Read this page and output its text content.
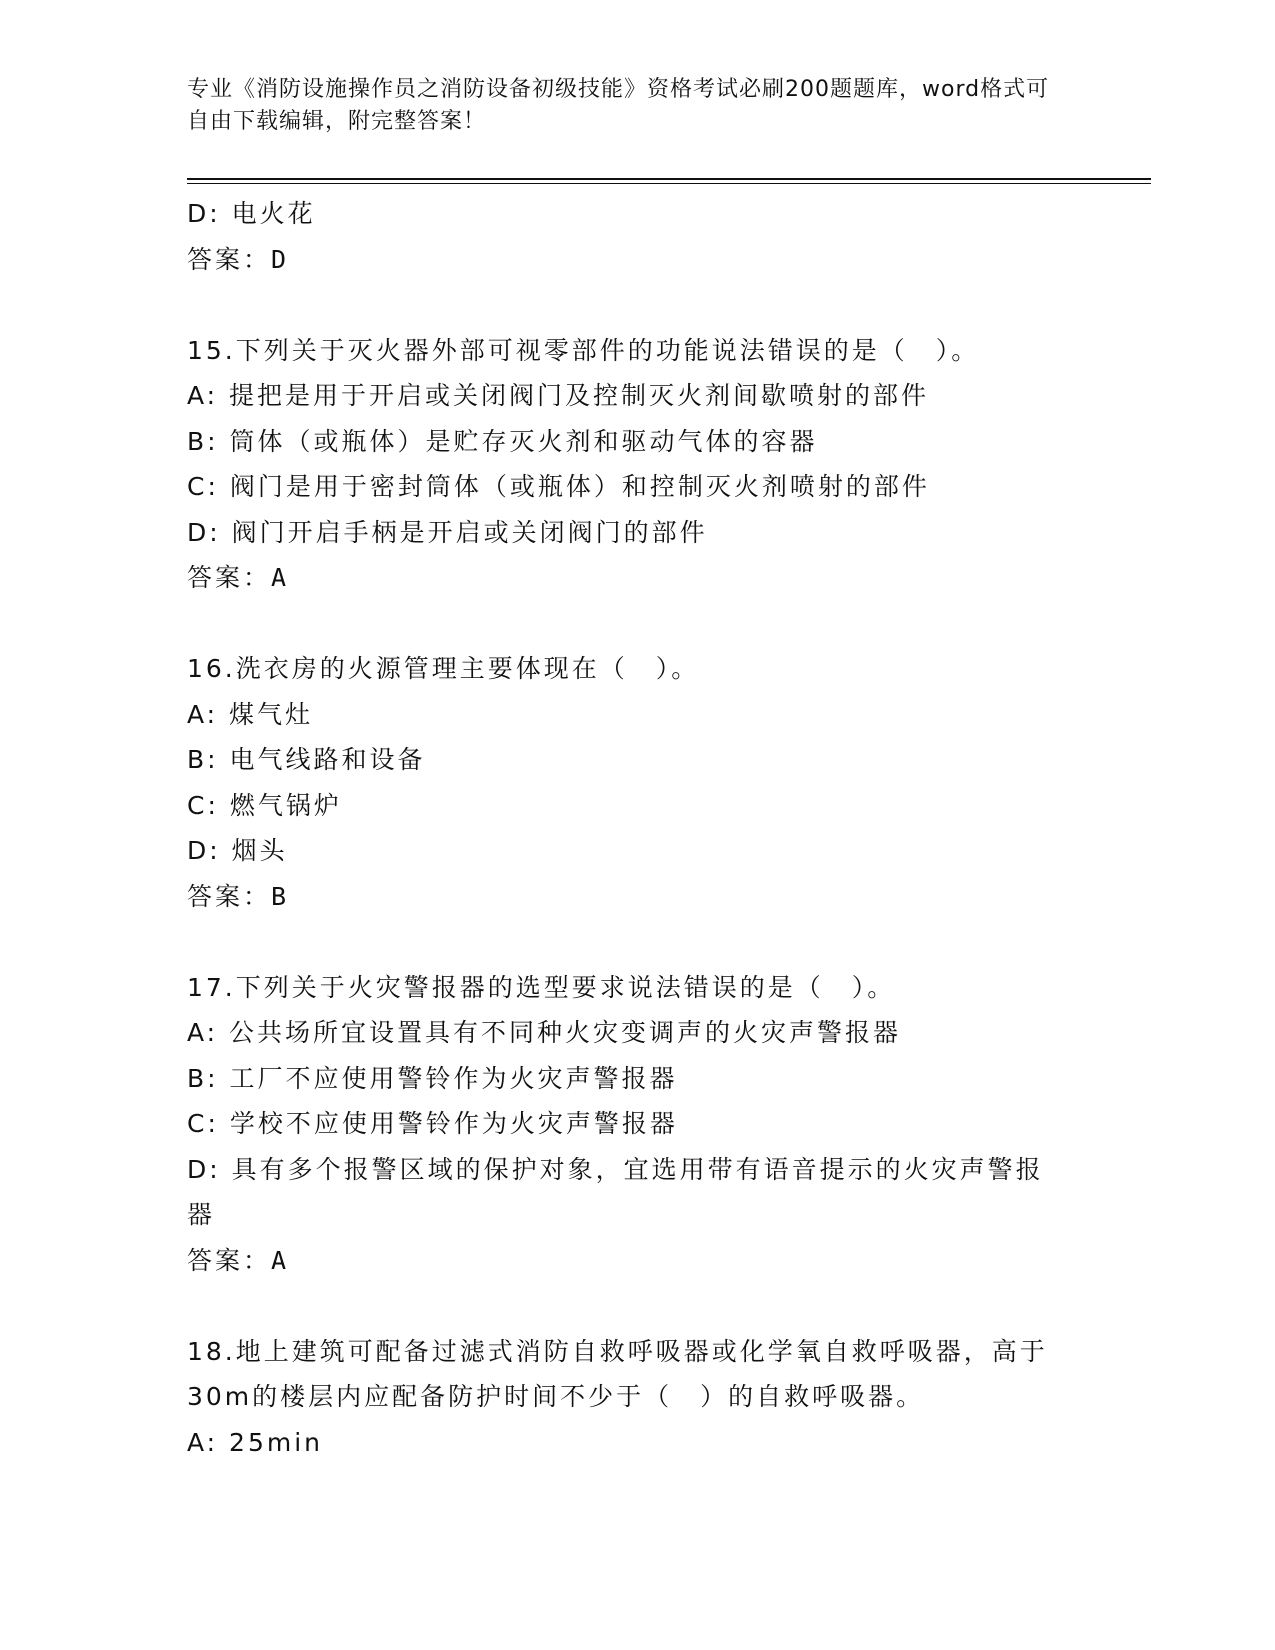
专业《消防设施操作员之消防设备初级技能》资格考试必刷200题题库，word格式可自由下载编辑，附完整答案！
D: 电火花
答案：D
15.下列关于灭火器外部可视零部件的功能说法错误的是（　）。
A: 提把是用于开启或关闭阀门及控制灭火剂间歇喷射的部件
B: 筒体（或瓶体）是贮存灭火剂和驱动气体的容器
C: 阀门是用于密封筒体（或瓶体）和控制灭火剂喷射的部件
D: 阀门开启手柄是开启或关闭阀门的部件
答案：A
16.洗衣房的火源管理主要体现在（　）。
A: 煤气灶
B: 电气线路和设备
C: 燃气锅炉
D: 烟头
答案：B
17.下列关于火灾警报器的选型要求说法错误的是（　）。
A: 公共场所宜设置具有不同种火灾变调声的火灾声警报器
B: 工厂不应使用警铃作为火灾声警报器
C: 学校不应使用警铃作为火灾声警报器
D: 具有多个报警区域的保护对象，宜选用带有语音提示的火灾声警报器
答案：A
18.地上建筑可配备过滤式消防自救呼吸器或化学氧自救呼吸器，高于30m的楼层内应配备防护时间不少于（　）的自救呼吸器。
A: 25min
